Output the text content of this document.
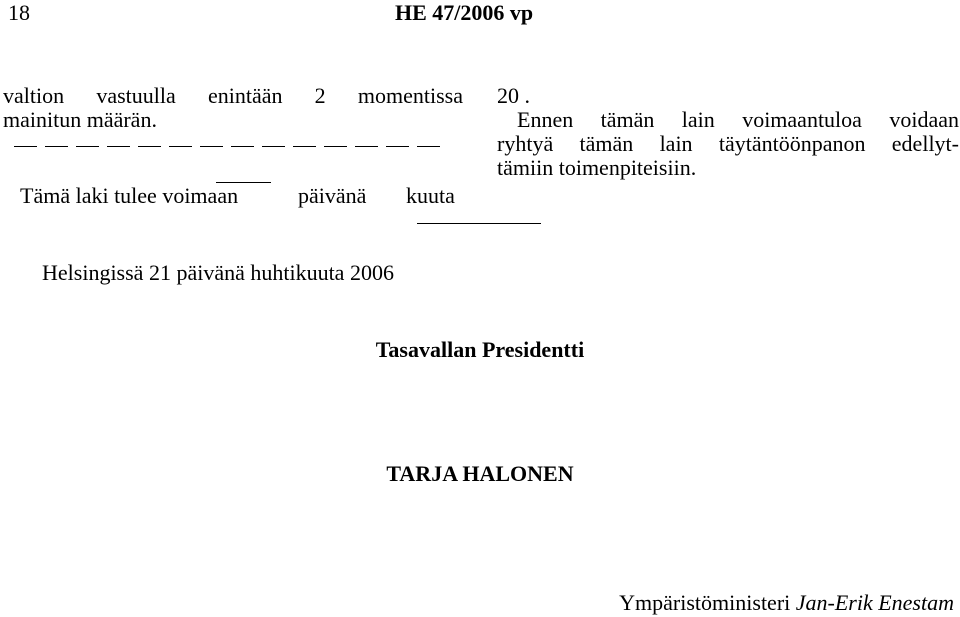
18	HE 47/2006 vp
valtion vastuulla enintään 2 momentissa
mainitun määrän.
Tämä laki tulee voimaan	päivänä kuuta
20 .
Ennen tämän lain voimaantuloa voidaan
ryhtyä tämän lain täytäntöönpanon edellyt-
tämiin toimenpiteisiin.
Helsingissä 21 päivänä huhtikuuta 2006
Tasavallan Presidentti
TARJA HALONEN
Ympäristöministeri Jan-Erik Enestam
